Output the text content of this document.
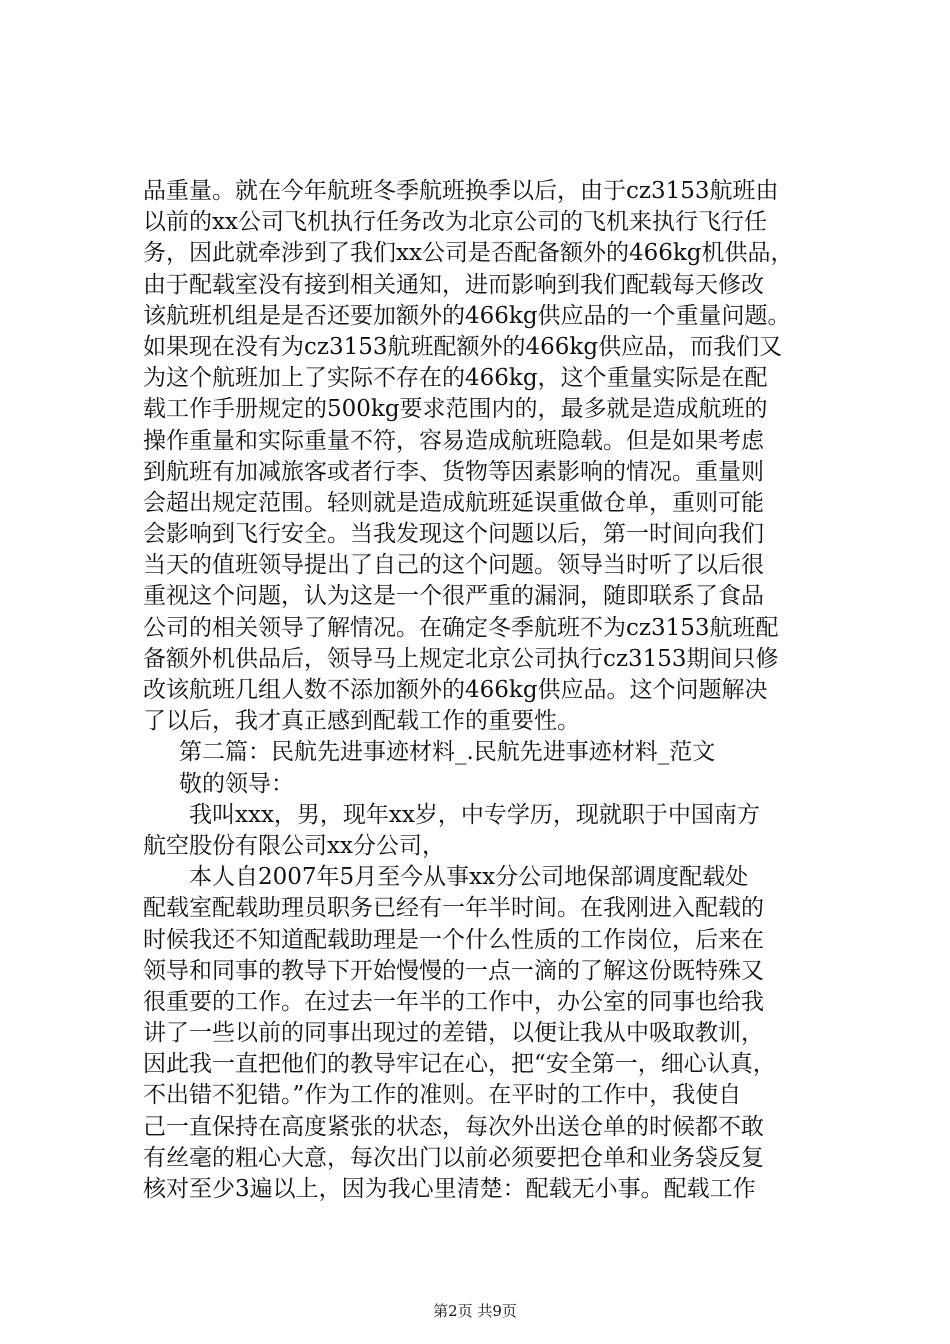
品重量。就在今年航班冬季航班换季以后，由于cz3153航班由
以前的xx公司飞机执行任务改为北京公司的飞机来执行飞行任
务，因此就牵涉到了我们xx公司是否配备额外的466kg机供品，
由于配载室没有接到相关通知，进而影响到我们配载每天修改
该航班机组是是否还要加额外的466kg供应品的一个重量问题。
如果现在没有为cz3153航班配额外的466kg供应品，而我们又
为这个航班加上了实际不存在的466kg，这个重量实际是在配
载工作手册规定的500kg要求范围内的，最多就是造成航班的
操作重量和实际重量不符，容易造成航班隐载。但是如果考虑
到航班有加减旅客或者行李、货物等因素影响的情况。重量则
会超出规定范围。轻则就是造成航班延误重做仓单，重则可能
会影响到飞行安全。当我发现这个问题以后，第一时间向我们
当天的值班领导提出了自己的这个问题。领导当时听了以后很
重视这个问题，认为这是一个很严重的漏洞，随即联系了食品
公司的相关领导了解情况。在确定冬季航班不为cz3153航班配
备额外机供品后，领导马上规定北京公司执行cz3153期间只修
改该航班几组人数不添加额外的466kg供应品。这个问题解决
了以后，我才真正感到配载工作的重要性。
第二篇：民航先进事迹材料_.民航先进事迹材料_范文
敬的领导：
我叫xxx，男，现年xx岁，中专学历，现就职于中国南方
航空股份有限公司xx分公司，
本人自2007年5月至今从事xx分公司地保部调度配载处
配载室配载助理员职务已经有一年半时间。在我刚进入配载的
时候我还不知道配载助理是一个什么性质的工作岗位，后来在
领导和同事的教导下开始慢慢的一点一滴的了解这份既特殊又
很重要的工作。在过去一年半的工作中，办公室的同事也给我
讲了一些以前的同事出现过的差错，以便让我从中吸取教训，
因此我一直把他们的教导牢记在心，把“安全第一，细心认真，
不出错不犯错。”作为工作的准则。在平时的工作中，我使自
己一直保持在高度紧张的状态，每次外出送仓单的时候都不敢
有丝毫的粗心大意，每次出门以前必须要把仓单和业务袋反复
核对至少3遍以上，因为我心里清楚：配载无小事。配载工作
第2页 共9页
